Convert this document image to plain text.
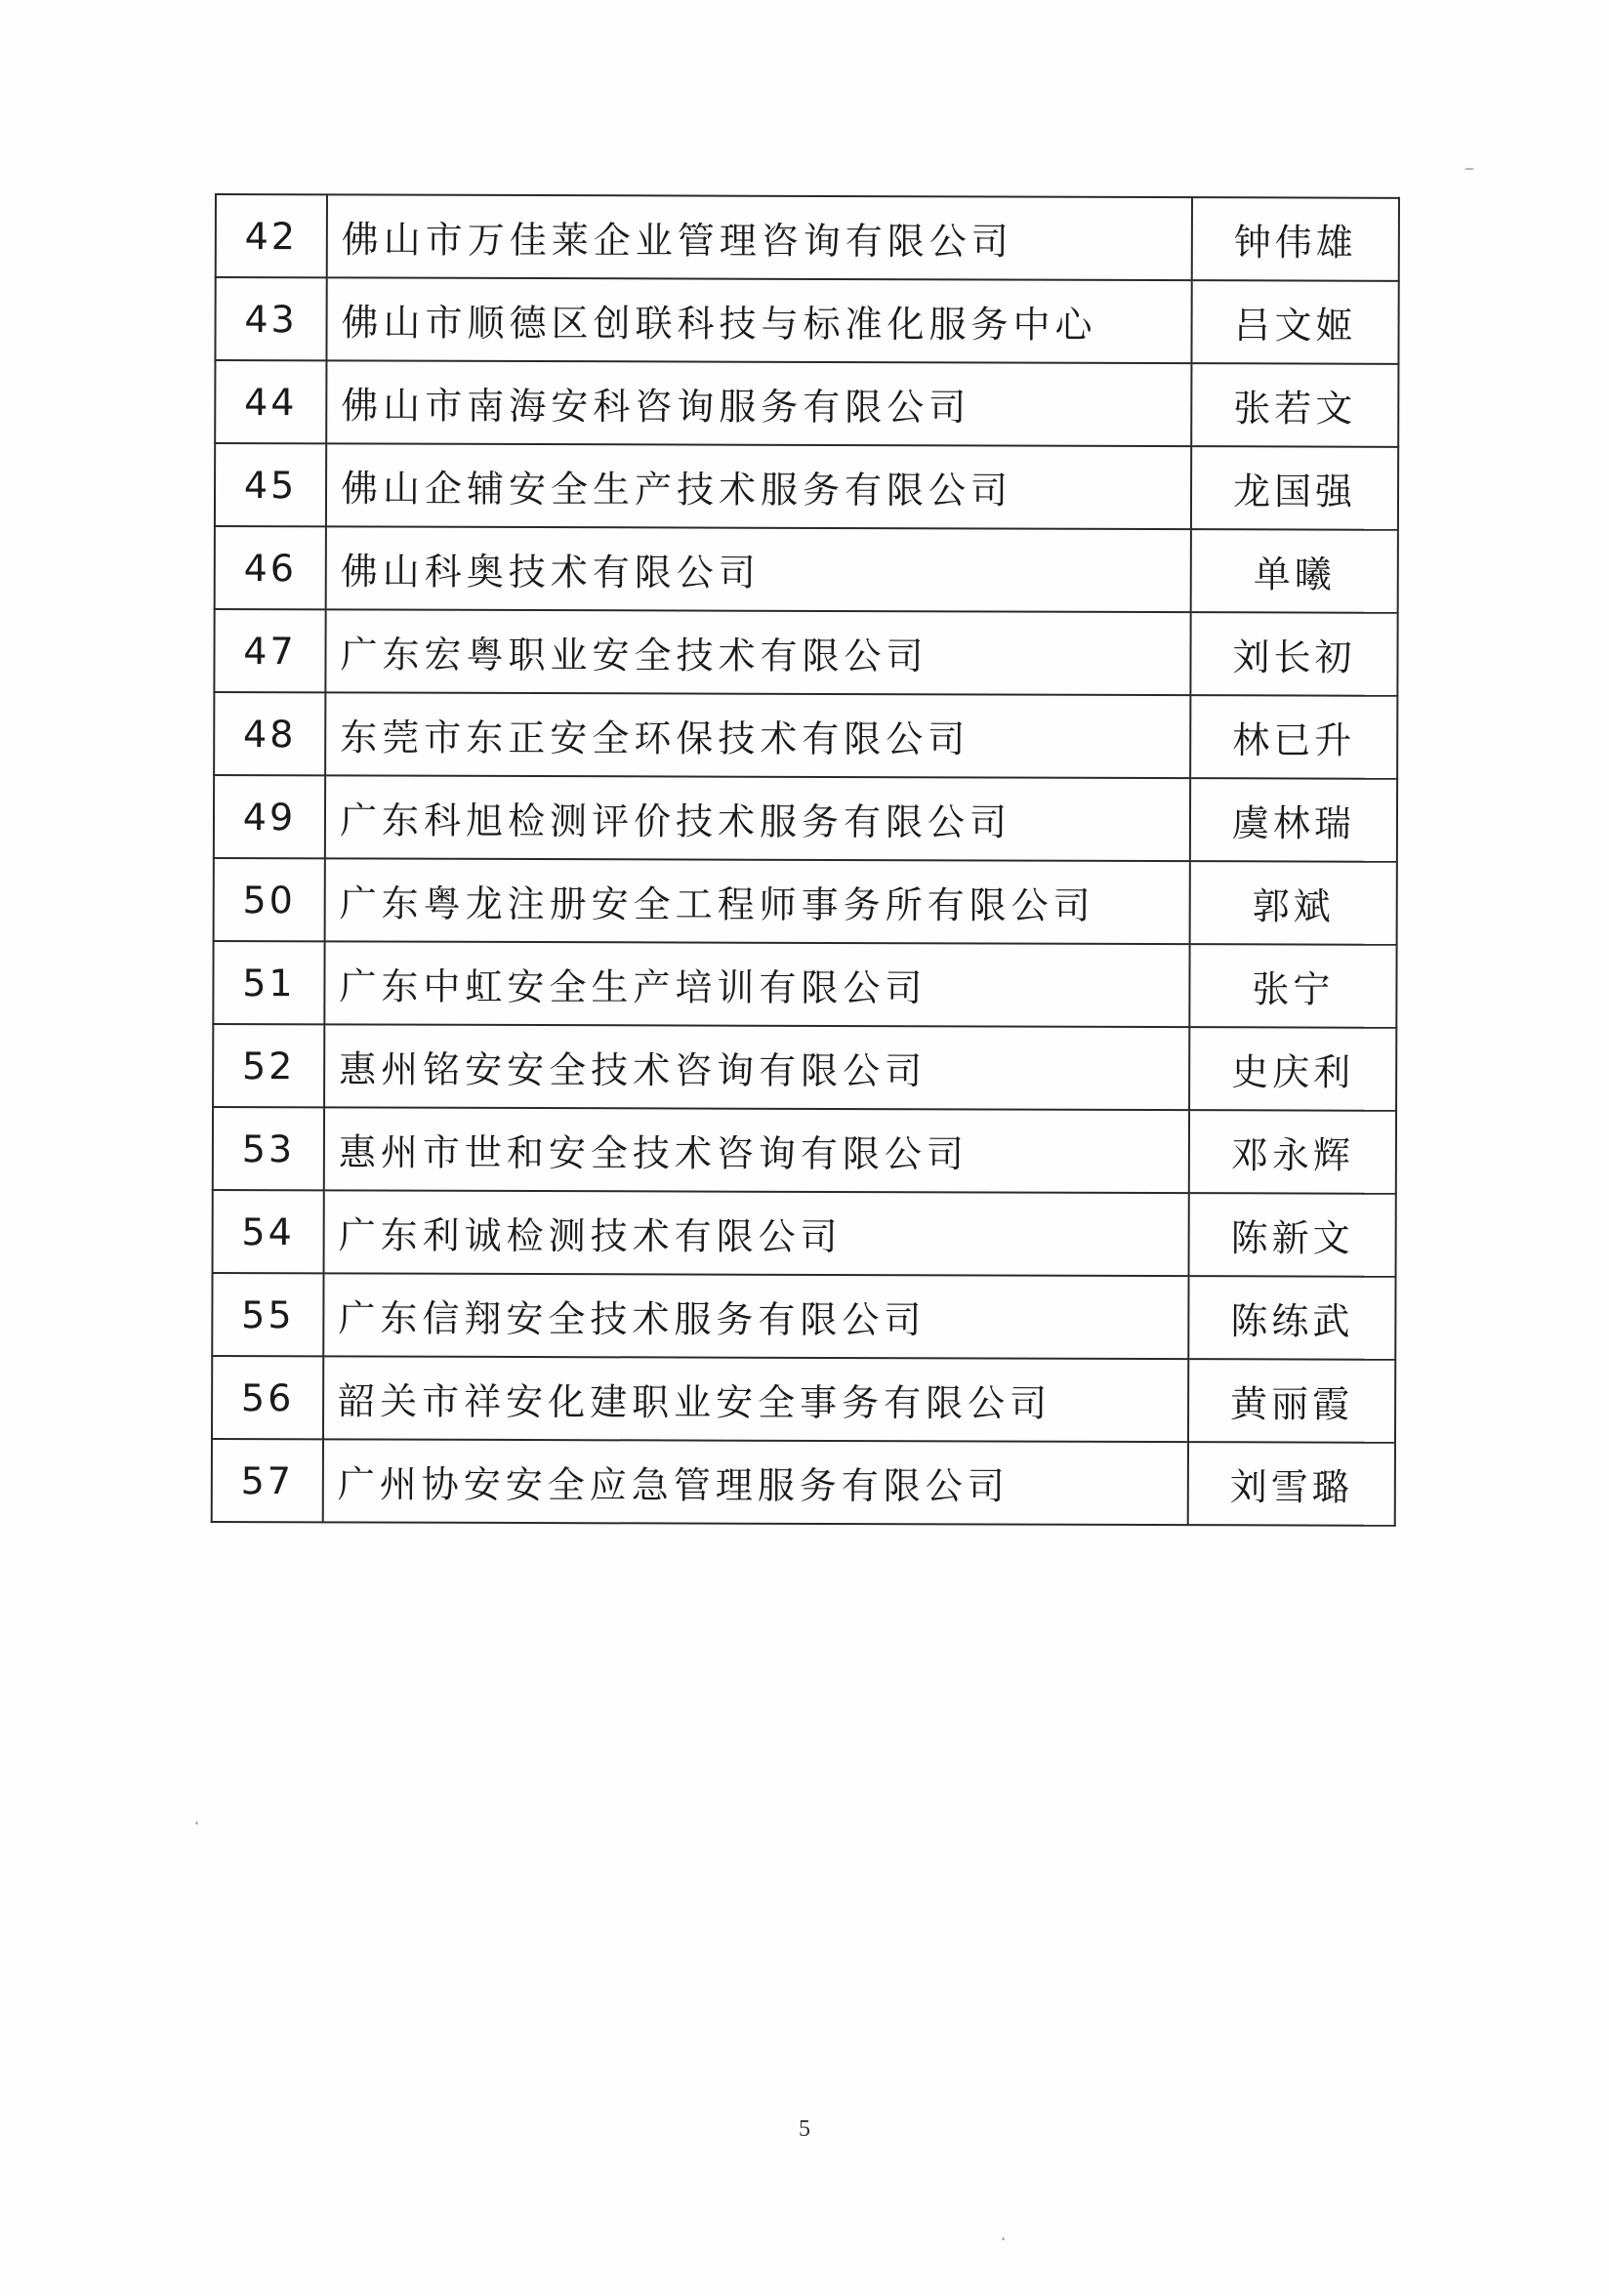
42	佛山市万佳莱企业管理咨询有限公司	钟伟雄
43	佛山市顺德区创联科技与标准化服务中心	吕文姬
44	佛山市南海安科咨询服务有限公司	张若文
45	佛山企辅安全生产技术服务有限公司	龙国强
46	佛山科奥技术有限公司	单曦
47	广东宏粤职业安全技术有限公司	刘长初
48	东莞市东正安全环保技术有限公司	林已升
49	广东科旭检测评价技术服务有限公司	虞林瑞
50	广东粤龙注册安全工程师事务所有限公司	郭斌
51	广东中虹安全生产培训有限公司	张宁
52	惠州铭安安全技术咨询有限公司	史庆利
53	惠州市世和安全技术咨询有限公司	邓永辉
54	广东利诚检测技术有限公司	陈新文
55	广东信翔安全技术服务有限公司	陈练武
56	韶关市祥安化建职业安全事务有限公司	黄丽霞
57	广州协安安全应急管理服务有限公司	刘雪璐
5
